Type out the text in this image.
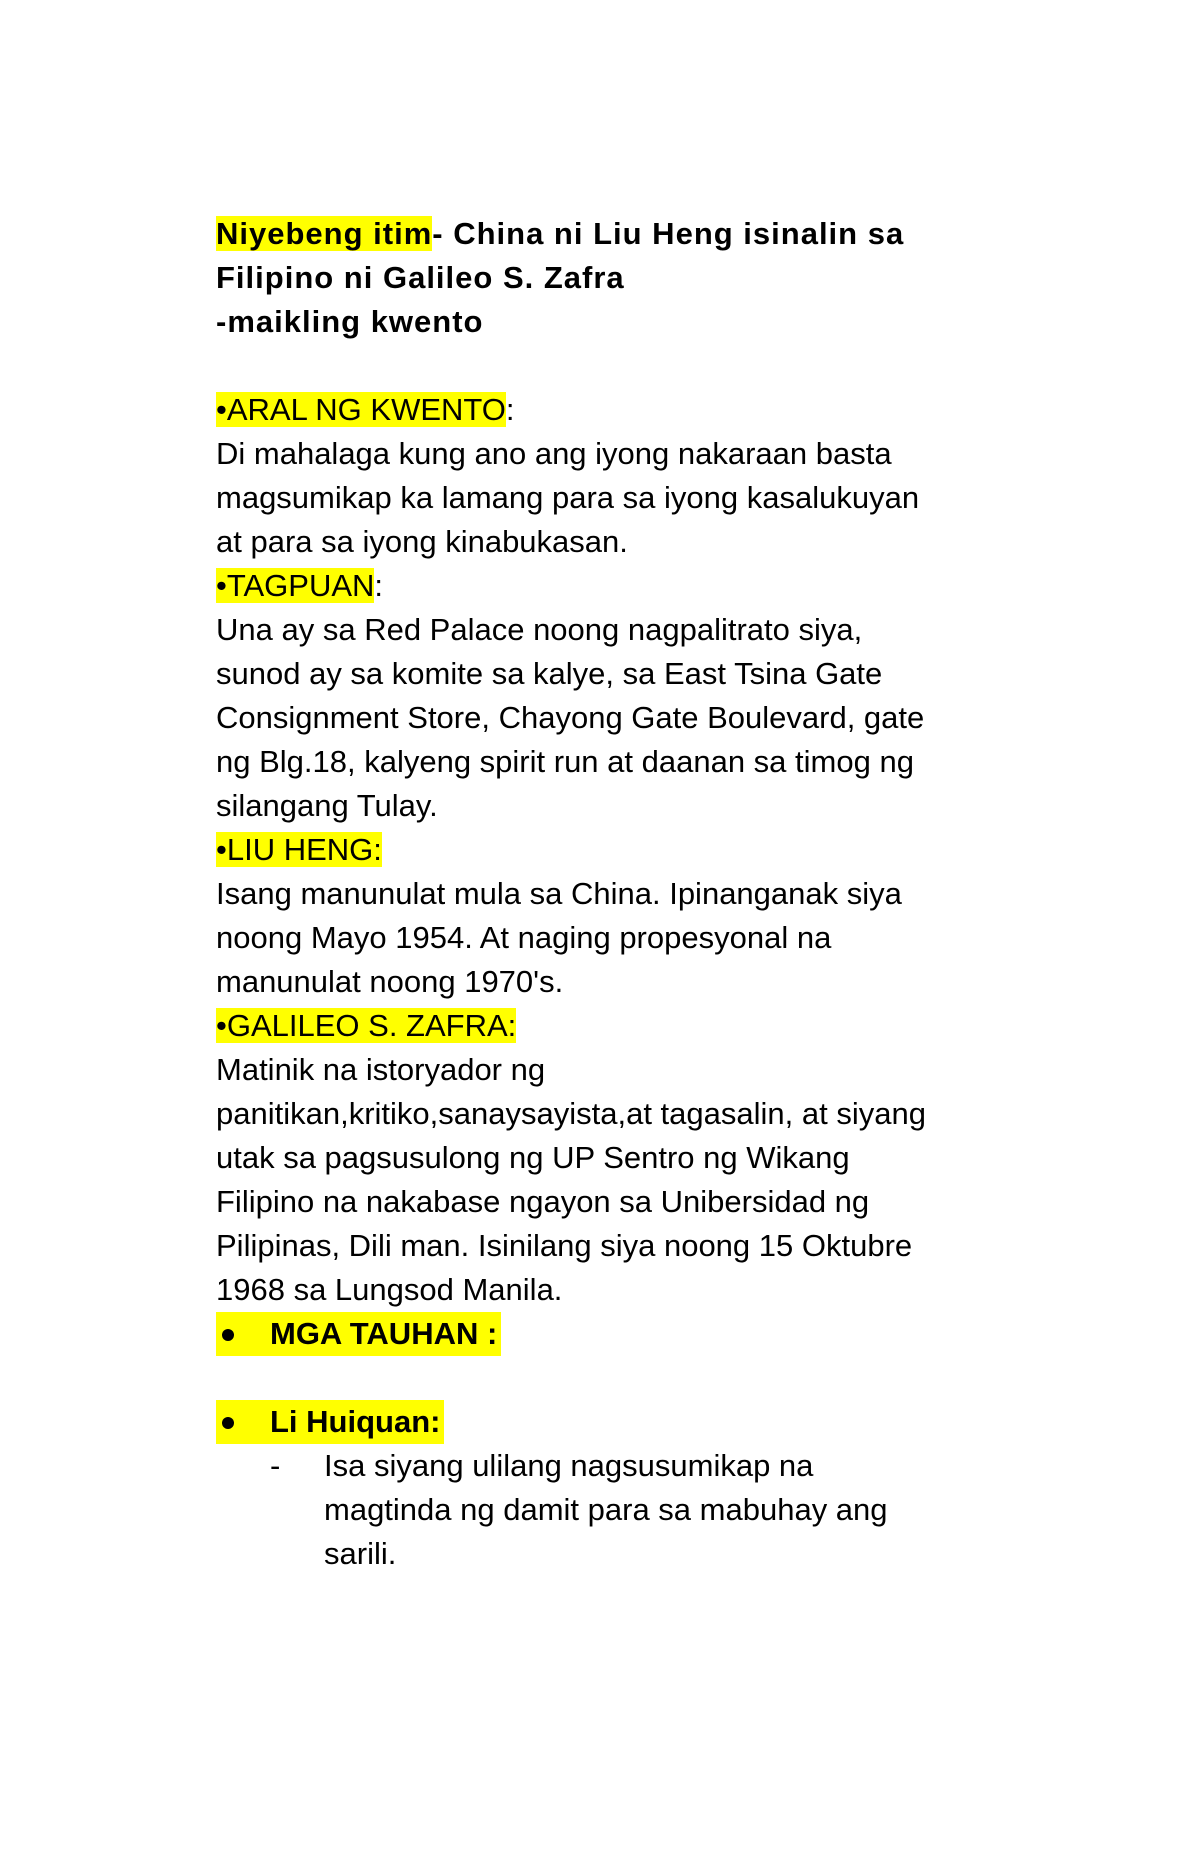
Niyebeng itim- China ni Liu Heng isinalin sa

Filipino ni Galileo S. Zafra

-maikling kwento

•ARAL NG KWENTO:

Di mahalaga kung ano ang iyong nakaraan basta

magsumikap ka lamang para sa iyong kasalukuyan

at para sa iyong kinabukasan.

•TAGPUAN:

Una ay sa Red Palace noong nagpalitrato siya,

sunod ay sa komite sa kalye, sa East Tsina Gate

Consignment Store, Chayong Gate Boulevard, gate

ng Blg.18, kalyeng spirit run at daanan sa timog ng

silangang Tulay.

•LIU HENG:

Isang manunulat mula sa China. Ipinanganak siya

noong Mayo 1954. At naging propesyonal na

manunulat noong 1970's.

•GALILEO S. ZAFRA:

Matinik na istoryador ng

panitikan,kritiko,sanaysayista,at tagasalin, at siyang

utak sa pagsusulong ng UP Sentro ng Wikang

Filipino na nakabase ngayon sa Unibersidad ng

Pilipinas, Dili man. Isinilang siya noong 15 Oktubre

1968 sa Lungsod Manila.

MGA TAUHAN :
Li Huiquan:
- Isa siyang ulilang nagsusumikap na
magtinda ng damit para sa mabuhay ang
sarili.
